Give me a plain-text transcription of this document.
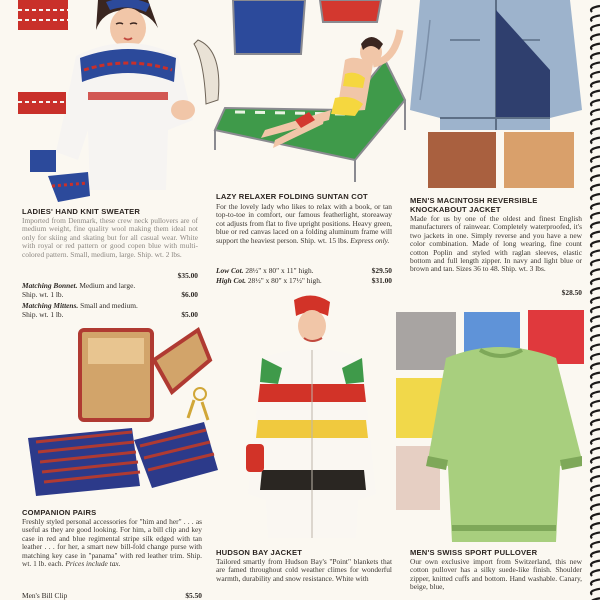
LADIES' HAND KNIT SWEATER
Imported from Denmark, these crew neck pullovers are of medium weight, fine quality wool making them ideal not only for skiing and skating but for all casual wear. White with royal or red pattern or good copen blue with multi-colored pattern. Small, medium, large. Ship. wt. 2 lbs.
$35.00
Matching Bonnet. Medium and large.
Ship. wt. 1 lb.	$6.00
Matching Mittens. Small and medium.
Ship. wt. 1 lb.	$5.00
LAZY RELAXER FOLDING SUNTAN COT
For the lovely lady who likes to relax with a book, or tan top-to-toe in comfort, our famous featherlight, storeaway cot adjusts from flat to five upright positions. Heavy green, blue or red canvas laced on a folding aluminum frame will support the heaviest person. Ship. wt. 15 lbs. Express only.
Low Cot. 28½" x 80" x 11" high.	$29.50
High Cot. 28½" x 80" x 17½" high.	$31.00
MEN'S MACINTOSH REVERSIBLE
KNOCKABOUT JACKET
Made for us by one of the oldest and finest English manufacturers of rainwear. Completely waterproofed, it's two jackets in one. Simply reverse and you have a new color combination. Made of long wearing, fine count cotton Poplin and styled with raglan sleeves, elastic bottom and full length zipper. In navy and light blue or brown and tan. Sizes 36 to 48. Ship. wt. 3 lbs.
$28.50
COMPANION PAIRS
Freshly styled personal accessories for "him and her" . . . as useful as they are good looking. For him, a bill clip and key case in red and blue regimental stripe silk edged with tan leather . . . for her, a smart new bill-fold change purse with matching key case in "panama" with red leather trim. Ship. wt. 1 lb. each. Prices include tax.
Men's Bill Clip	$5.50
HUDSON BAY JACKET
Tailored smartly from Hudson Bay's "Point" blankets that are famed throughout cold weather climes for wonderful warmth, durability and snow resistance. White with
MEN'S SWISS SPORT PULLOVER
Our own exclusive import from Switzerland, this new cotton pullover has a silky suede-like finish. Shoulder zipper, knitted cuffs and bottom. Hand washable. Canary, beige, blue,
